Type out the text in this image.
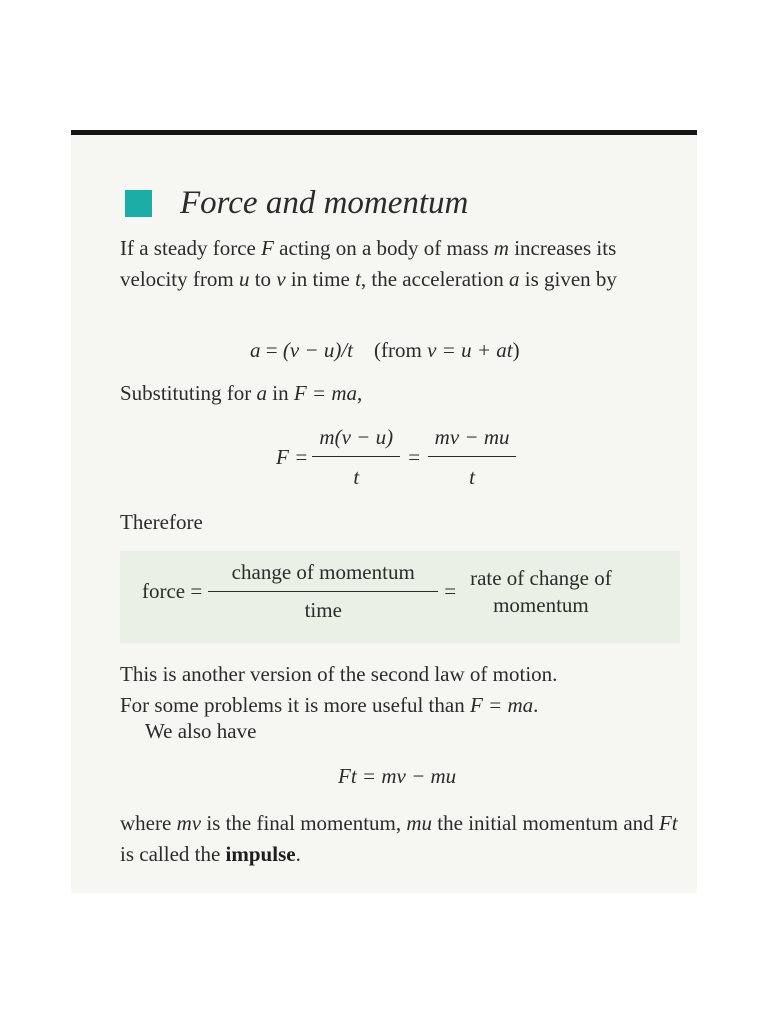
Force and momentum

If a steady force F acting on a body of mass m increases its velocity from u to v in time t, the acceleration a is given by

a = (v − u)/t (from v = u + at)

Substituting for a in F = ma,

$F = \frac{m(v - u)}{t} = \frac{mv - mu}{t}$

Therefore

force = $\frac{\text{change of momentum}}{\text{time}}$ =
rate of change of
momentum

This is another version of the second law of motion.
For some problems it is more useful than F = ma.

We also have

Ft = mv − mu

where mv is the final momentum, mu the initial momentum and Ft is called the impulse.
